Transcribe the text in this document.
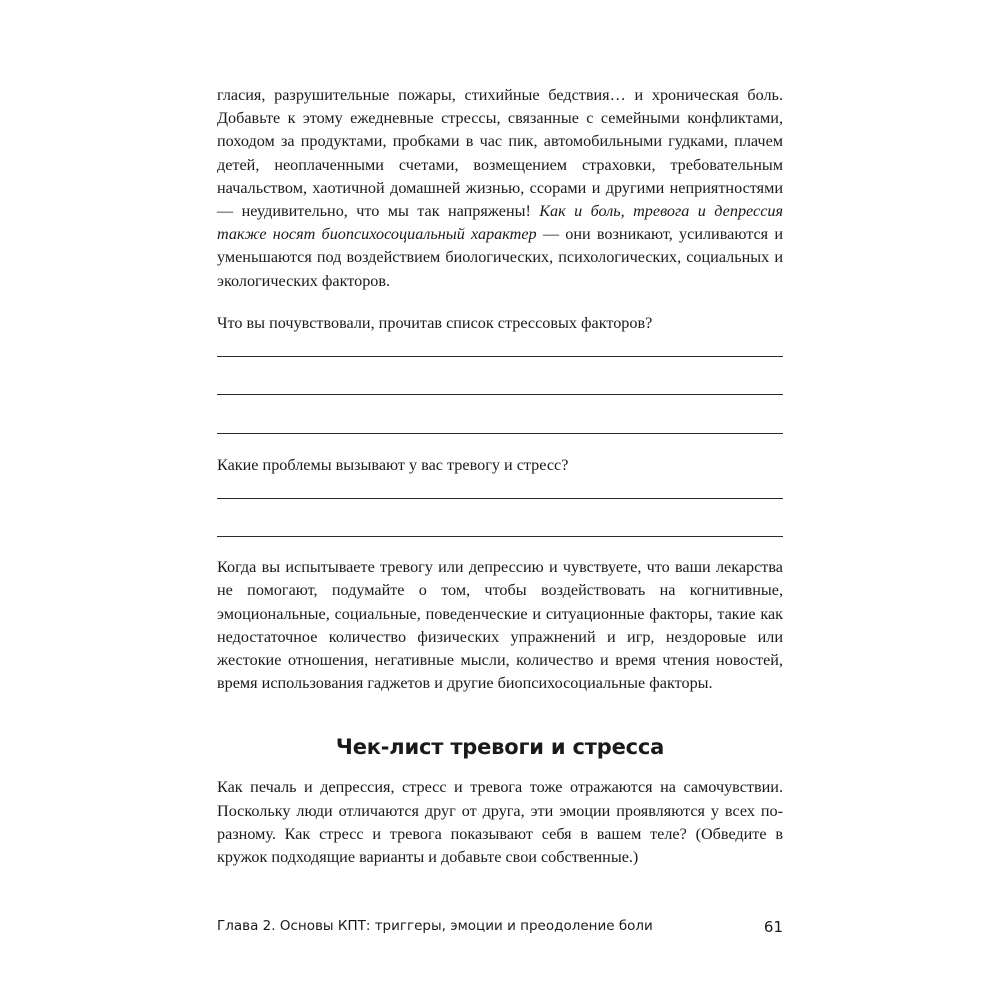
гласия, разрушительные пожары, стихийные бедствия… и хроническая боль. Добавьте к этому ежедневные стрессы, связанные с семейными конфликтами, походом за продуктами, пробками в час пик, автомобильными гудками, плачем детей, неоплаченными счетами, возмещением страховки, требовательным начальством, хаотичной домашней жизнью, ссорами и другими неприятностями — неудивительно, что мы так напряжены! Как и боль, тревога и депрессия также носят биопсихосоциальный характер — они возникают, усиливаются и уменьшаются под воздействием биологических, психологических, социальных и экологических факторов.

Что вы почувствовали, прочитав список стрессовых факторов?

Какие проблемы вызывают у вас тревогу и стресс?

Когда вы испытываете тревогу или депрессию и чувствуете, что ваши лекарства не помогают, подумайте о том, чтобы воздействовать на когнитивные, эмоциональные, социальные, поведенческие и ситуационные факторы, такие как недостаточное количество физических упражнений и игр, нездоровые или жестокие отношения, негативные мысли, количество и время чтения новостей, время использования гаджетов и другие биопсихосоциальные факторы.

Чек-лист тревоги и стресса

Как печаль и депрессия, стресс и тревога тоже отражаются на самочувствии. Поскольку люди отличаются друг от друга, эти эмоции проявляются у всех по-разному. Как стресс и тревога показывают себя в вашем теле? (Обведите в кружок подходящие варианты и добавьте свои собственные.)

Глава 2. Основы КПТ: триггеры, эмоции и преодоление боли	61
